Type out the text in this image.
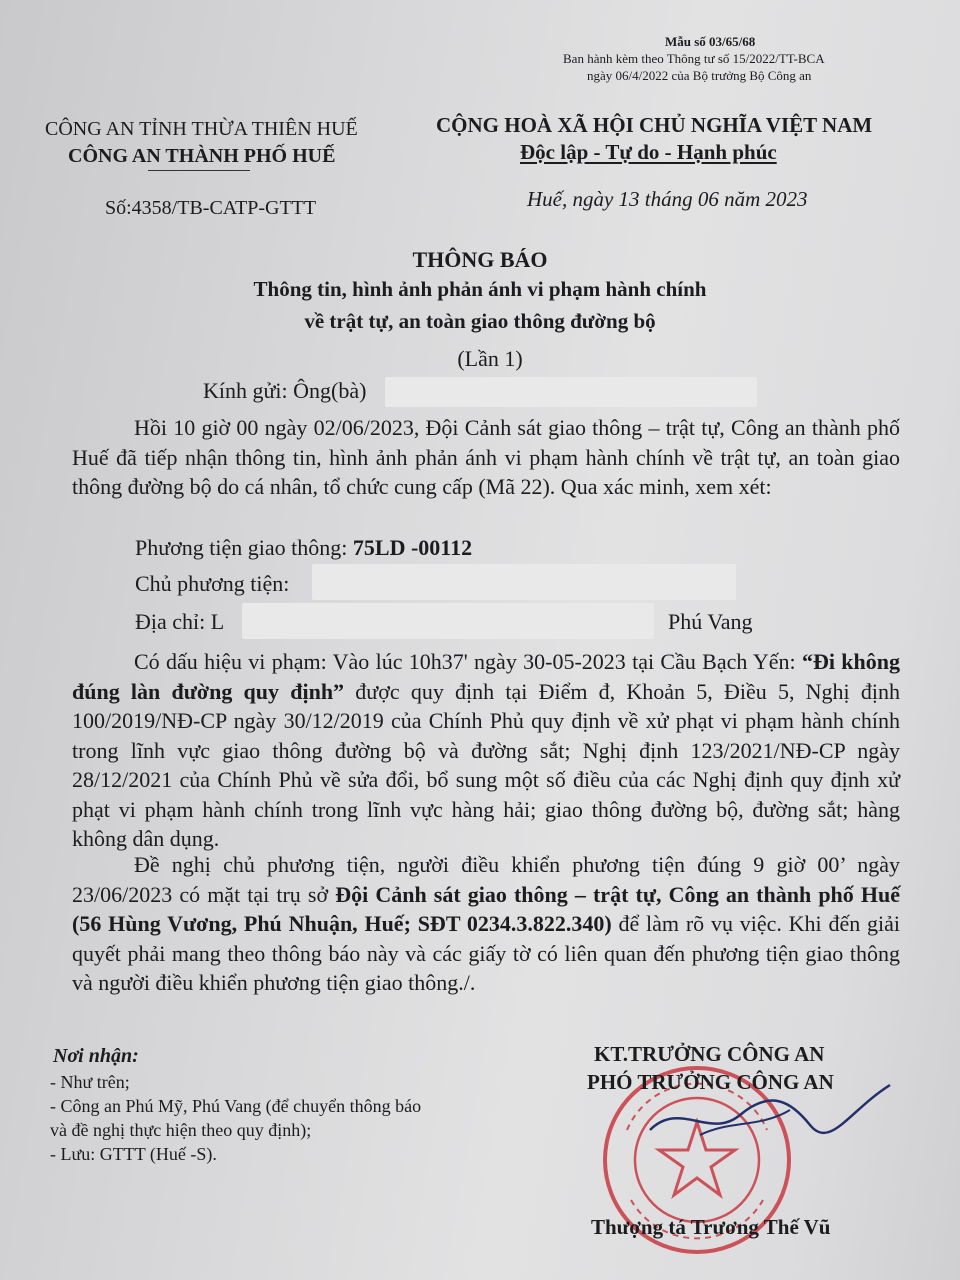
Mẫu số 03/65/68
Ban hành kèm theo Thông tư số 15/2022/TT-BCA
ngày 06/4/2022 của Bộ trưởng Bộ Công an
CÔNG AN TỈNH THỪA THIÊN HUẾ
CÔNG AN THÀNH PHỐ HUẾ
Số:4358/TB-CATP-GTTT
CỘNG HOÀ XÃ HỘI CHỦ NGHĨA VIỆT NAM
Độc lập - Tự do - Hạnh phúc
Huế, ngày 13 tháng 06 năm 2023
THÔNG BÁO
Thông tin, hình ảnh phản ánh vi phạm hành chính
về trật tự, an toàn giao thông đường bộ
(Lần 1)
Kính gửi: Ông(bà)
Hồi 10 giờ 00 ngày 02/06/2023, Đội Cảnh sát giao thông – trật tự, Công an thành phố Huế đã tiếp nhận thông tin, hình ảnh phản ánh vi phạm hành chính về trật tự, an toàn giao thông đường bộ do cá nhân, tổ chức cung cấp (Mã 22). Qua xác minh, xem xét:
Phương tiện giao thông: 75LD -00112
Chủ phương tiện:
Địa chỉ: L	Phú Vang
Có dấu hiệu vi phạm: Vào lúc 10h37' ngày 30-05-2023 tại Cầu Bạch Yến: “Đi không đúng làn đường quy định” được quy định tại Điểm đ, Khoản 5, Điều 5, Nghị định 100/2019/NĐ-CP ngày 30/12/2019 của Chính Phủ quy định về xử phạt vi phạm hành chính trong lĩnh vực giao thông đường bộ và đường sắt; Nghị định 123/2021/NĐ-CP ngày 28/12/2021 của Chính Phủ về sửa đổi, bổ sung một số điều của các Nghị định quy định xử phạt vi phạm hành chính trong lĩnh vực hàng hải; giao thông đường bộ, đường sắt; hàng không dân dụng.
Đề nghị chủ phương tiện, người điều khiển phương tiện đúng 9 giờ 00’ ngày 23/06/2023 có mặt tại trụ sở Đội Cảnh sát giao thông – trật tự, Công an thành phố Huế (56 Hùng Vương, Phú Nhuận, Huế; SĐT 0234.3.822.340) để làm rõ vụ việc. Khi đến giải quyết phải mang theo thông báo này và các giấy tờ có liên quan đến phương tiện giao thông và người điều khiển phương tiện giao thông./.
Nơi nhận:
- Như trên;
- Công an Phú Mỹ, Phú Vang (để chuyển thông báo
và đề nghị thực hiện theo quy định);
- Lưu: GTTT (Huế -S).
KT.TRƯỞNG CÔNG AN
PHÓ TRƯỞNG CÔNG AN
Thượng tá Trương Thế Vũ
